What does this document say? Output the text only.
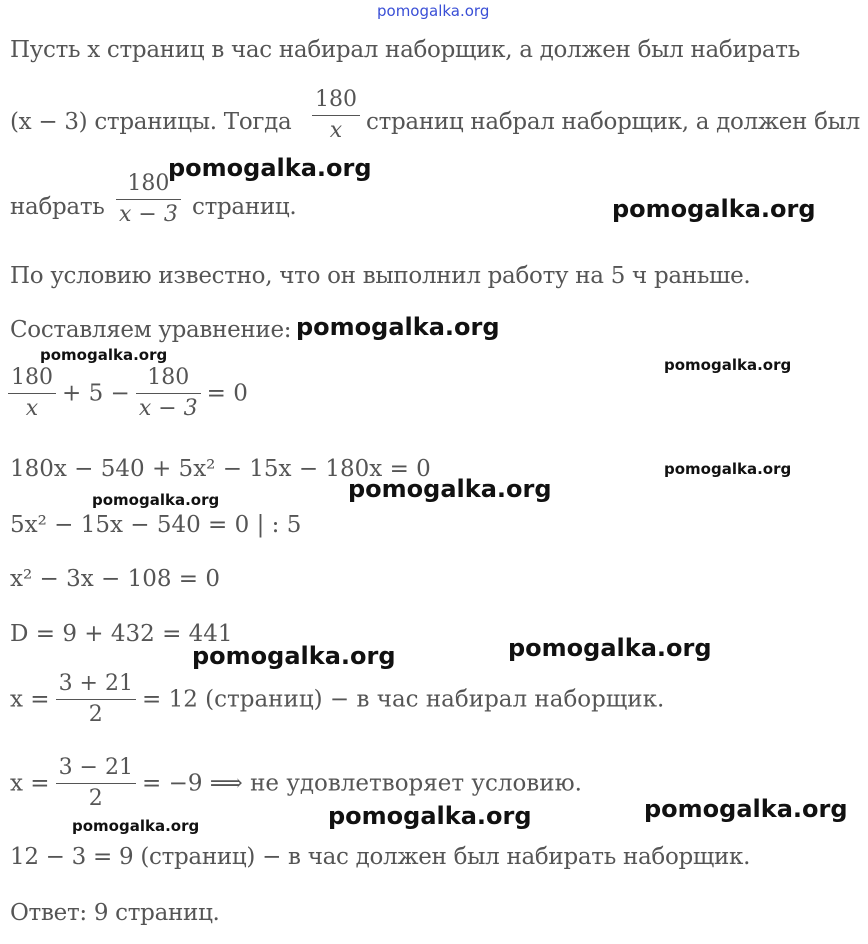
pomogalka.org
Пусть x страниц в час набирал наборщик, а должен был набирать
(x − 3) страницы. Тогда $\frac{180}{x}$ страниц набрал наборщик, а должен был
набрать $\frac{180}{x - 3}$ страниц.
По условию известно, что он выполнил работу на 5 ч раньше.
Составляем уравнение:
$\frac{180}{x} + 5 - \frac{180}{x - 3} = 0$
180x − 540 + 5x² − 15x − 180x = 0
5x² − 15x − 540 = 0 | : 5
x² − 3x − 108 = 0
D = 9 + 432 = 441
$x = \frac{3 + 21}{2} = 12$ (страниц) − в час набирал наборщик.
$x = \frac{3 - 21}{2} = -9$ ⟹ не удовлетворяет условию.
12 − 3 = 9 (страниц) − в час должен был набирать наборщик.
Ответ: 9 страниц.
pomogalka.org
pomogalka.org
pomogalka.org
pomogalka.org
pomogalka.org
pomogalka.org
pomogalka.org
pomogalka.org
pomogalka.org
pomogalka.org
pomogalka.org
pomogalka.org
pomogalka.org
